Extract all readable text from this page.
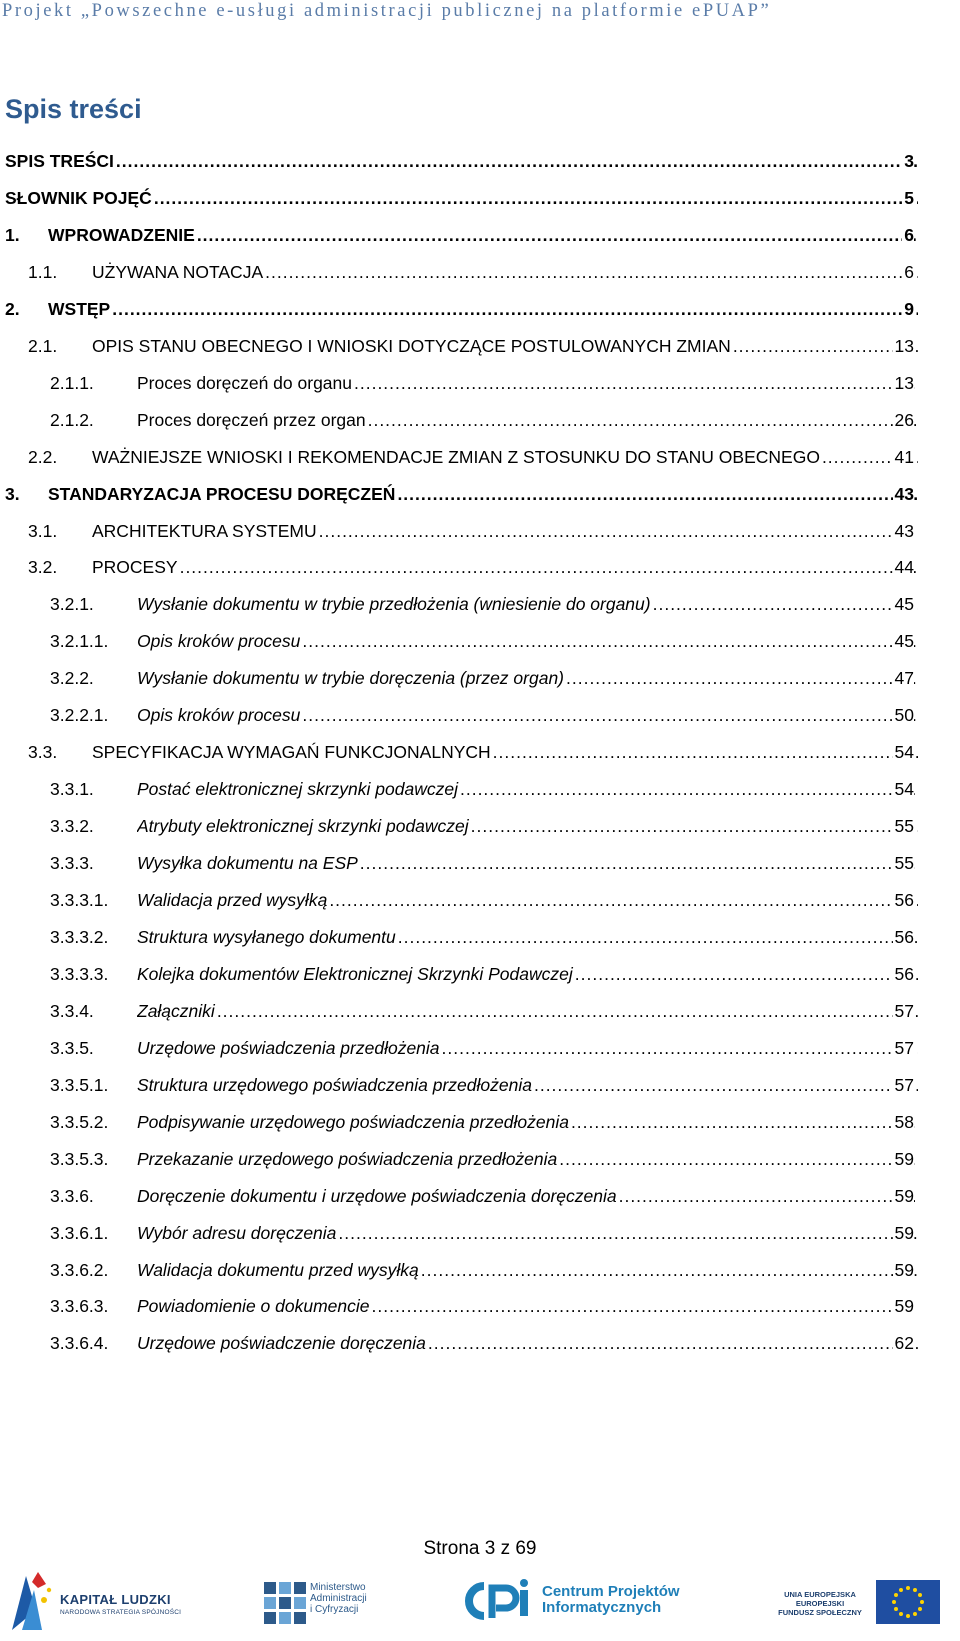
Projekt „Powszechne e-usługi administracji publicznej na platformie ePUAP”
Spis treści
SPIS TREŚCI .....	3
SŁOWNIK POJĘĆ .....	5
1. WPROWADZENIE .....	6
1.1. UŻYWANA NOTACJA .....	6
2. WSTĘP .....	9
2.1. OPIS STANU OBECNEGO I WNIOSKI DOTYCZĄCE POSTULOWANYCH ZMIAN .....	13
2.1.1. Proces doręczeń do organu .....	13
2.1.2. Proces doręczeń przez organ .....	26
2.2. WAŻNIEJSZE WNIOSKI I REKOMENDACJE ZMIAN Z STOSUNKU DO STANU OBECNEGO .....	41
3. STANDARYZACJA PROCESU DORĘCZEŃ .....	43
3.1. ARCHITEKTURA SYSTEMU .....	43
3.2. PROCESY .....	44
3.2.1. Wysłanie dokumentu w trybie przedłożenia (wniesienie do organu) .....	45
3.2.1.1. Opis kroków procesu .....	45
3.2.2. Wysłanie dokumentu w trybie doręczenia (przez organ) .....	47
3.2.2.1. Opis kroków procesu .....	50
3.3. SPECYFIKACJA WYMAGAŃ FUNKCJONALNYCH .....	54
3.3.1. Postać elektronicznej skrzynki podawczej .....	54
3.3.2. Atrybuty elektronicznej skrzynki podawczej .....	55
3.3.3. Wysyłka dokumentu na ESP .....	55
3.3.3.1. Walidacja przed wysyłką .....	56
3.3.3.2. Struktura wysyłanego dokumentu .....	56
3.3.3.3. Kolejka dokumentów Elektronicznej Skrzynki Podawczej .....	56
3.3.4. Załączniki .....	57
3.3.5. Urzędowe poświadczenia przedłożenia .....	57
3.3.5.1. Struktura urzędowego poświadczenia przedłożenia .....	57
3.3.5.2. Podpisywanie urzędowego poświadczenia przedłożenia .....	58
3.3.5.3. Przekazanie urzędowego poświadczenia przedłożenia .....	59
3.3.6. Doręczenie dokumentu i urzędowe poświadczenia doręczenia .....	59
3.3.6.1. Wybór adresu doręczenia .....	59
3.3.6.2. Walidacja dokumentu przed wysyłką .....	59
3.3.6.3. Powiadomienie o dokumencie .....	59
3.3.6.4. Urzędowe poświadczenie doręczenia .....	62
Strona 3 z 69
KAPITAŁ LUDZKI
NARODOWA STRATEGIA SPÓJNOŚCI
Ministerstwo
Administracji
i Cyfryzacji
Centrum Projektów
Informatycznych
UNIA EUROPEJSKA
EUROPEJSKI
FUNDUSZ SPOŁECZNY
